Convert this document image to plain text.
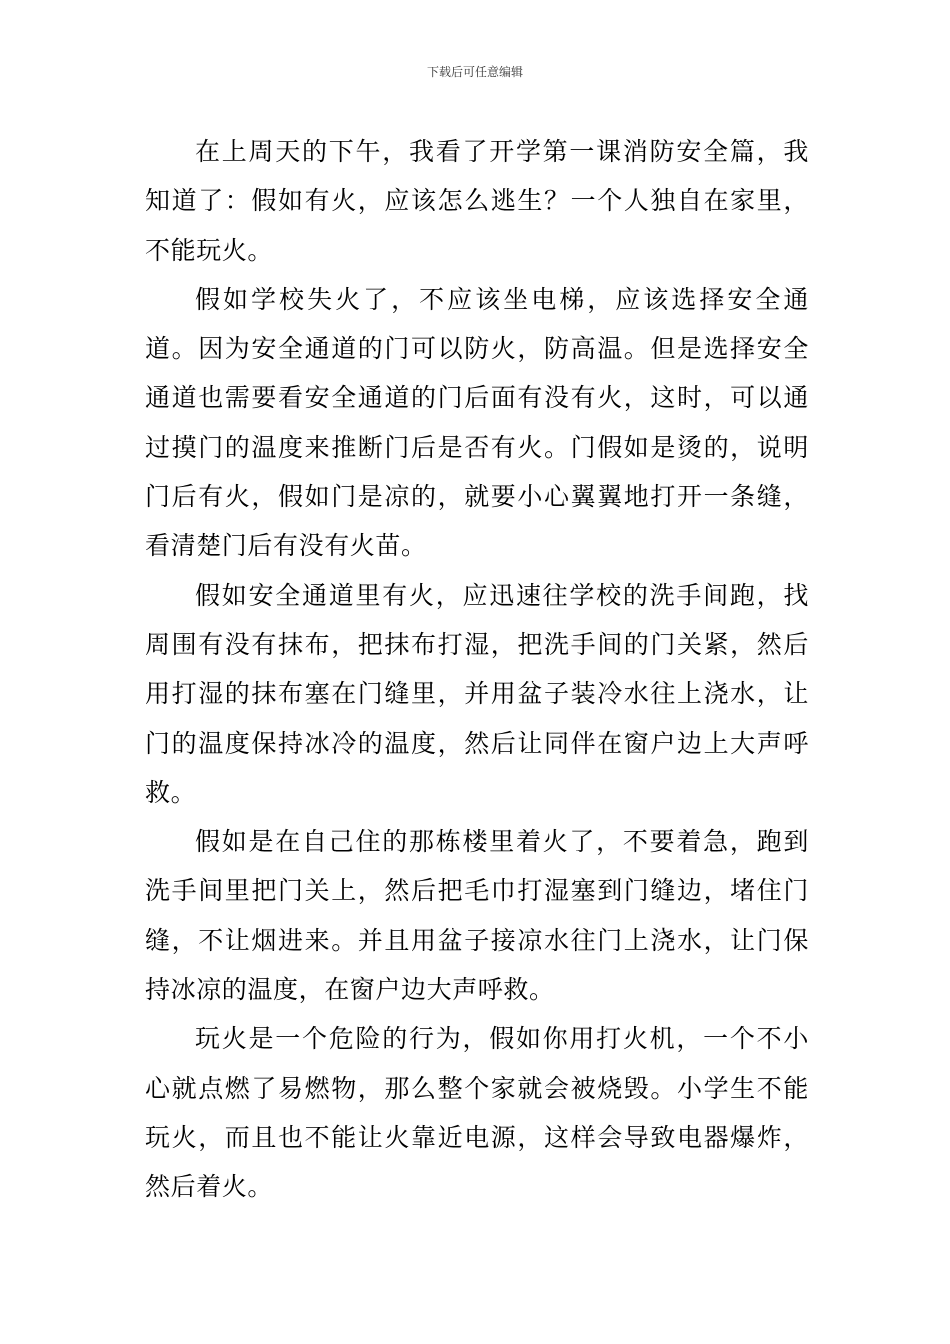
下载后可任意编辑

在上周天的下午，我看了开学第一课消防安全篇，我知道了：假如有火，应该怎么逃生？一个人独自在家里，不能玩火。

假如学校失火了，不应该坐电梯，应该选择安全通道。因为安全通道的门可以防火，防高温。但是选择安全通道也需要看安全通道的门后面有没有火，这时，可以通过摸门的温度来推断门后是否有火。门假如是烫的，说明门后有火，假如门是凉的，就要小心翼翼地打开一条缝，看清楚门后有没有火苗。

假如安全通道里有火，应迅速往学校的洗手间跑，找周围有没有抹布，把抹布打湿，把洗手间的门关紧，然后用打湿的抹布塞在门缝里，并用盆子装冷水往上浇水，让门的温度保持冰冷的温度，然后让同伴在窗户边上大声呼救。

假如是在自己住的那栋楼里着火了，不要着急，跑到洗手间里把门关上，然后把毛巾打湿塞到门缝边，堵住门缝，不让烟进来。并且用盆子接凉水往门上浇水，让门保持冰凉的温度，在窗户边大声呼救。

玩火是一个危险的行为，假如你用打火机，一个不小心就点燃了易燃物，那么整个家就会被烧毁。小学生不能玩火，而且也不能让火靠近电源，这样会导致电器爆炸，然后着火。
